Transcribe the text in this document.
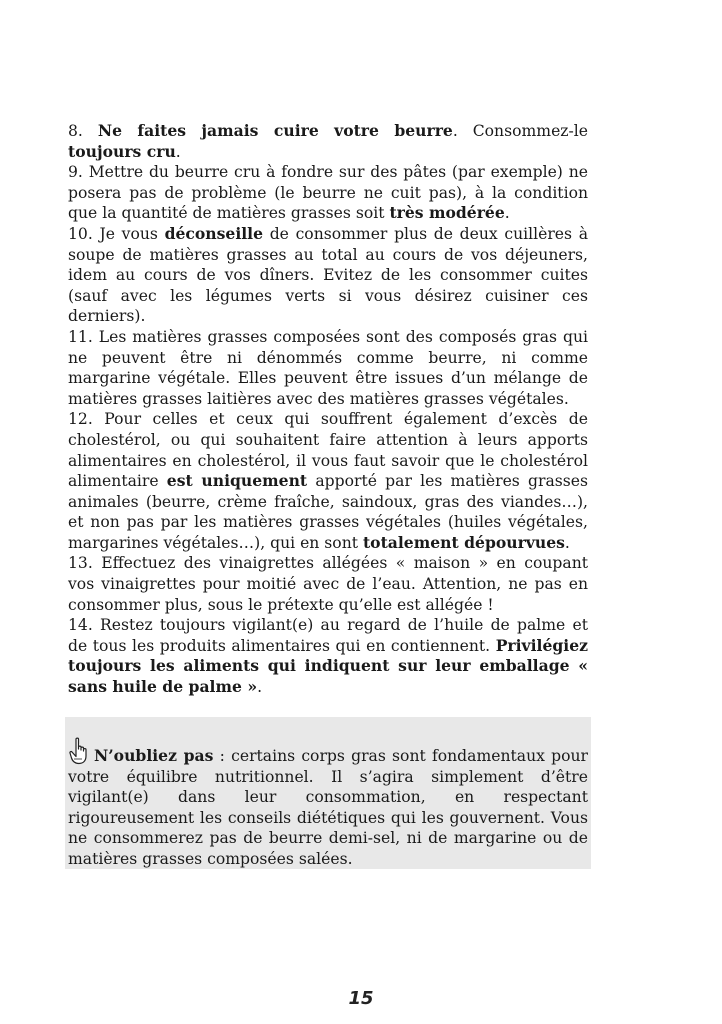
8. Ne faites jamais cuire votre beurre. Consommez-le toujours cru.

9. Mettre du beurre cru à fondre sur des pâtes (par exemple) ne posera pas de problème (le beurre ne cuit pas), à la condition que la quantité de matières grasses soit très modérée.

10. Je vous déconseille de consommer plus de deux cuillères à soupe de matières grasses au total au cours de vos déjeuners, idem au cours de vos dîners. Evitez de les consommer cuites (sauf avec les légumes verts si vous désirez cuisiner ces derniers).

11. Les matières grasses composées sont des composés gras qui ne peuvent être ni dénommés comme beurre, ni comme margarine végétale. Elles peuvent être issues d’un mélange de matières grasses laitières avec des matières grasses végétales.

12. Pour celles et ceux qui souffrent également d’excès de cholestérol, ou qui souhaitent faire attention à leurs apports alimentaires en cholestérol, il vous faut savoir que le cholestérol alimentaire est uniquement apporté par les matières grasses animales (beurre, crème fraîche, saindoux, gras des viandes…), et non pas par les matières grasses végétales (huiles végétales, margarines végétales…), qui en sont totalement dépourvues.

13. Effectuez des vinaigrettes allégées « maison » en coupant vos vinaigrettes pour moitié avec de l’eau. Attention, ne pas en consommer plus, sous le prétexte qu’elle est allégée !

14. Restez toujours vigilant(e) au regard de l’huile de palme et de tous les produits alimentaires qui en contiennent. Privilégiez toujours les aliments qui indiquent sur leur emballage « sans huile de palme ».

N’oubliez pas : certains corps gras sont fondamentaux pour votre équilibre nutritionnel. Il s’agira simplement d’être vigilant(e) dans leur consommation, en respectant rigoureusement les conseils diététiques qui les gouvernent. Vous ne consommerez pas de beurre demi-sel, ni de margarine ou de matières grasses composées salées.
15
